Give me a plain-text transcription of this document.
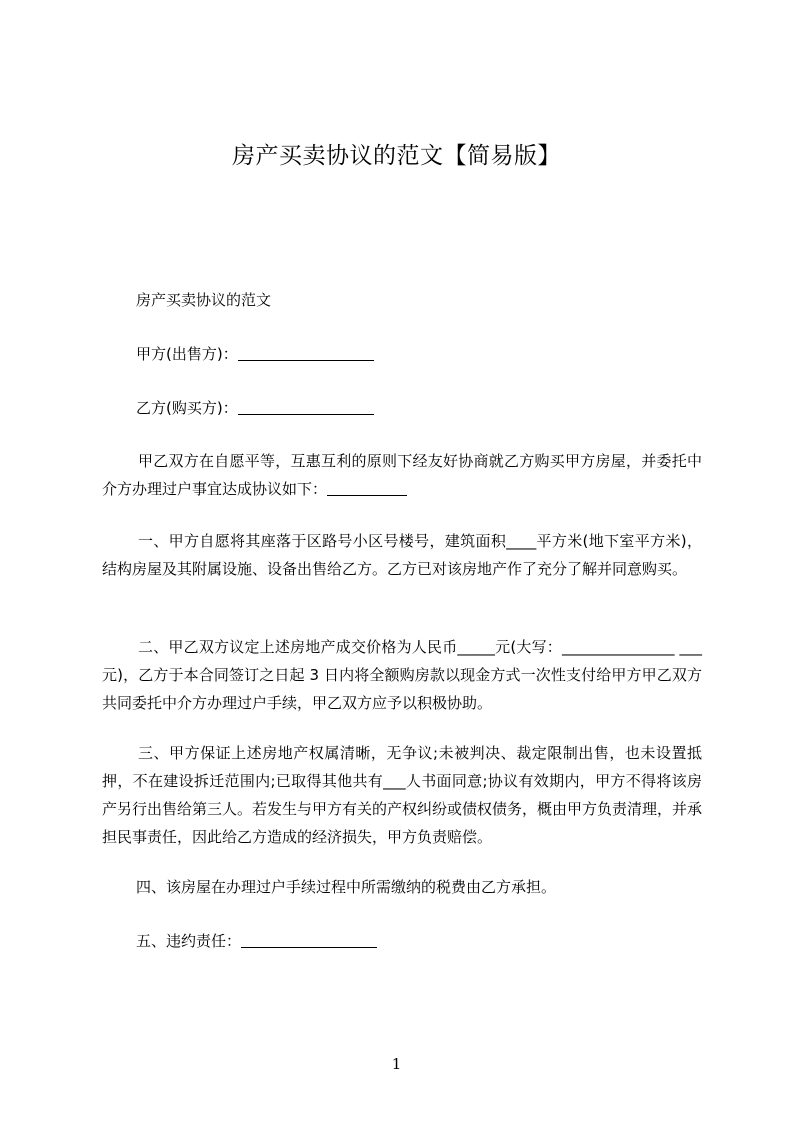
房产买卖协议的范文【简易版】

房产买卖协议的范文

甲方(出售方)：

乙方(购买方)：

甲乙双方在自愿平等，互惠互利的原则下经友好协商就乙方购买甲方房屋，并委托中介方办理过户事宜达成协议如下：

一、甲方自愿将其座落于区路号小区号楼号，建筑面积____平方米(地下室平方米)，结构房屋及其附属设施、设备出售给乙方。乙方已对该房地产作了充分了解并同意购买。

二、甲乙双方议定上述房地产成交价格为人民币_____元(大写：_______________ ___元)，乙方于本合同签订之日起 3 日内将全额购房款以现金方式一次性支付给甲方甲乙双方共同委托中介方办理过户手续，甲乙双方应予以积极协助。

三、甲方保证上述房地产权属清晰，无争议;未被判决、裁定限制出售，也未设置抵押，不在建设拆迁范围内;已取得其他共有___人书面同意;协议有效期内，甲方不得将该房产另行出售给第三人。若发生与甲方有关的产权纠纷或债权债务，概由甲方负责清理，并承担民事责任，因此给乙方造成的经济损失，甲方负责赔偿。

四、该房屋在办理过户手续过程中所需缴纳的税费由乙方承担。

五、违约责任：

1
